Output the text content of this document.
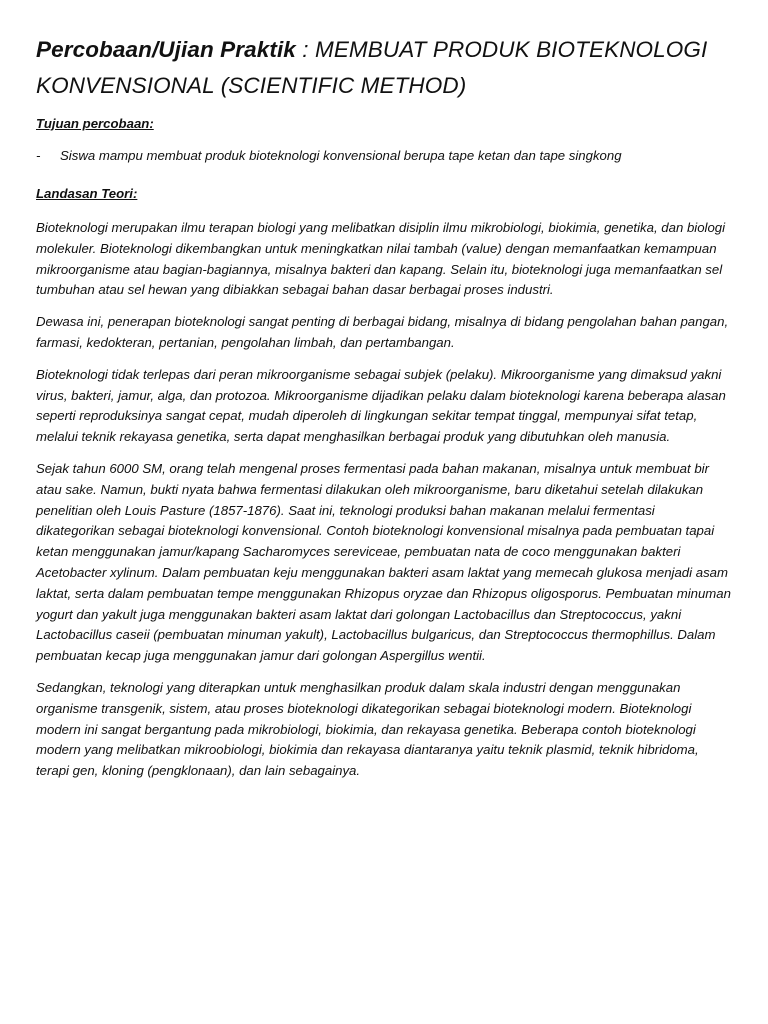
Percobaan/Ujian Praktik : MEMBUAT PRODUK BIOTEKNOLOGI KONVENSIONAL (SCIENTIFIC METHOD)

Tujuan percobaan:

-	Siswa mampu membuat produk bioteknologi konvensional berupa tape ketan dan tape singkong

Landasan Teori:

Bioteknologi merupakan ilmu terapan biologi yang melibatkan disiplin ilmu mikrobiologi, biokimia, genetika, dan biologi molekuler. Bioteknologi dikembangkan untuk meningkatkan nilai tambah (value) dengan memanfaatkan kemampuan mikroorganisme atau bagian-bagiannya, misalnya bakteri dan kapang. Selain itu, bioteknologi juga memanfaatkan sel tumbuhan atau sel hewan yang dibiakkan sebagai bahan dasar berbagai proses industri.

Dewasa ini, penerapan bioteknologi sangat penting di berbagai bidang, misalnya di bidang pengolahan bahan pangan, farmasi, kedokteran, pertanian, pengolahan limbah, dan pertambangan.

Bioteknologi tidak terlepas dari peran mikroorganisme sebagai subjek (pelaku). Mikroorganisme yang dimaksud yakni virus, bakteri, jamur, alga, dan protozoa. Mikroorganisme dijadikan pelaku dalam bioteknologi karena beberapa alasan seperti reproduksinya sangat cepat, mudah diperoleh di lingkungan sekitar tempat tinggal, mempunyai sifat tetap, melalui teknik rekayasa genetika, serta dapat menghasilkan berbagai produk yang dibutuhkan oleh manusia.

Sejak tahun 6000 SM, orang telah mengenal proses fermentasi pada bahan makanan, misalnya untuk membuat bir atau sake. Namun, bukti nyata bahwa fermentasi dilakukan oleh mikroorganisme, baru diketahui setelah dilakukan penelitian oleh Louis Pasture (1857-1876). Saat ini, teknologi produksi bahan makanan melalui fermentasi dikategorikan sebagai bioteknologi konvensional. Contoh bioteknologi konvensional misalnya pada pembuatan tapai ketan menggunakan jamur/kapang Sacharomyces sereviceae, pembuatan nata de coco menggunakan bakteri Acetobacter xylinum. Dalam pembuatan keju menggunakan bakteri asam laktat yang memecah glukosa menjadi asam laktat, serta dalam pembuatan tempe menggunakan Rhizopus oryzae dan Rhizopus oligosporus. Pembuatan minuman yogurt dan yakult juga menggunakan bakteri asam laktat dari golongan Lactobacillus dan Streptococcus, yakni Lactobacillus caseii (pembuatan minuman yakult), Lactobacillus bulgaricus, dan Streptococcus thermophillus. Dalam pembuatan kecap juga menggunakan jamur dari golongan Aspergillus wentii.

Sedangkan, teknologi yang diterapkan untuk menghasilkan produk dalam skala industri dengan menggunakan organisme transgenik, sistem, atau proses bioteknologi dikategorikan sebagai bioteknologi modern. Bioteknologi modern ini sangat bergantung pada mikrobiologi, biokimia, dan rekayasa genetika. Beberapa contoh bioteknologi modern yang melibatkan mikroobiologi, biokimia dan rekayasa diantaranya yaitu teknik plasmid, teknik hibridoma, terapi gen, kloning (pengklonaan), dan lain sebagainya.
